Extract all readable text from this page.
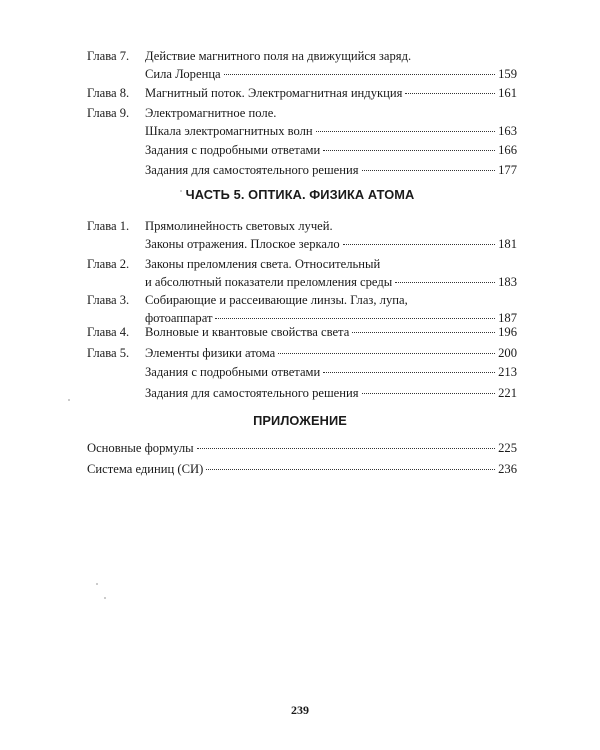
Глава 7.	Действие магнитного поля на движущийся заряд.
Сила Лоренца	159
Глава 8.	Магнитный поток. Электромагнитная индукция	161
Глава 9.	Электромагнитное поле.
Шкала электромагнитных волн	163
Задания с подробными ответами	166
Задания для самостоятельного решения	177
Глава 1.	Прямолинейность световых лучей.
Законы отражения. Плоское зеркало	181
Глава 2.	Законы преломления света. Относительный
и абсолютный показатели преломления среды	183
Глава 3.	Собирающие и рассеивающие линзы. Глаз, лупа,
фотоаппарат	187
Глава 4.	Волновые и квантовые свойства света	196
Глава 5.	Элементы физики атома	200
Задания с подробными ответами	213
Задания для самостоятельного решения	221
Основные формулы	225
Система единиц (СИ)	236
ЧАСТЬ 5. ОПТИКА. ФИЗИКА АТОМА
ПРИЛОЖЕНИЕ
239
